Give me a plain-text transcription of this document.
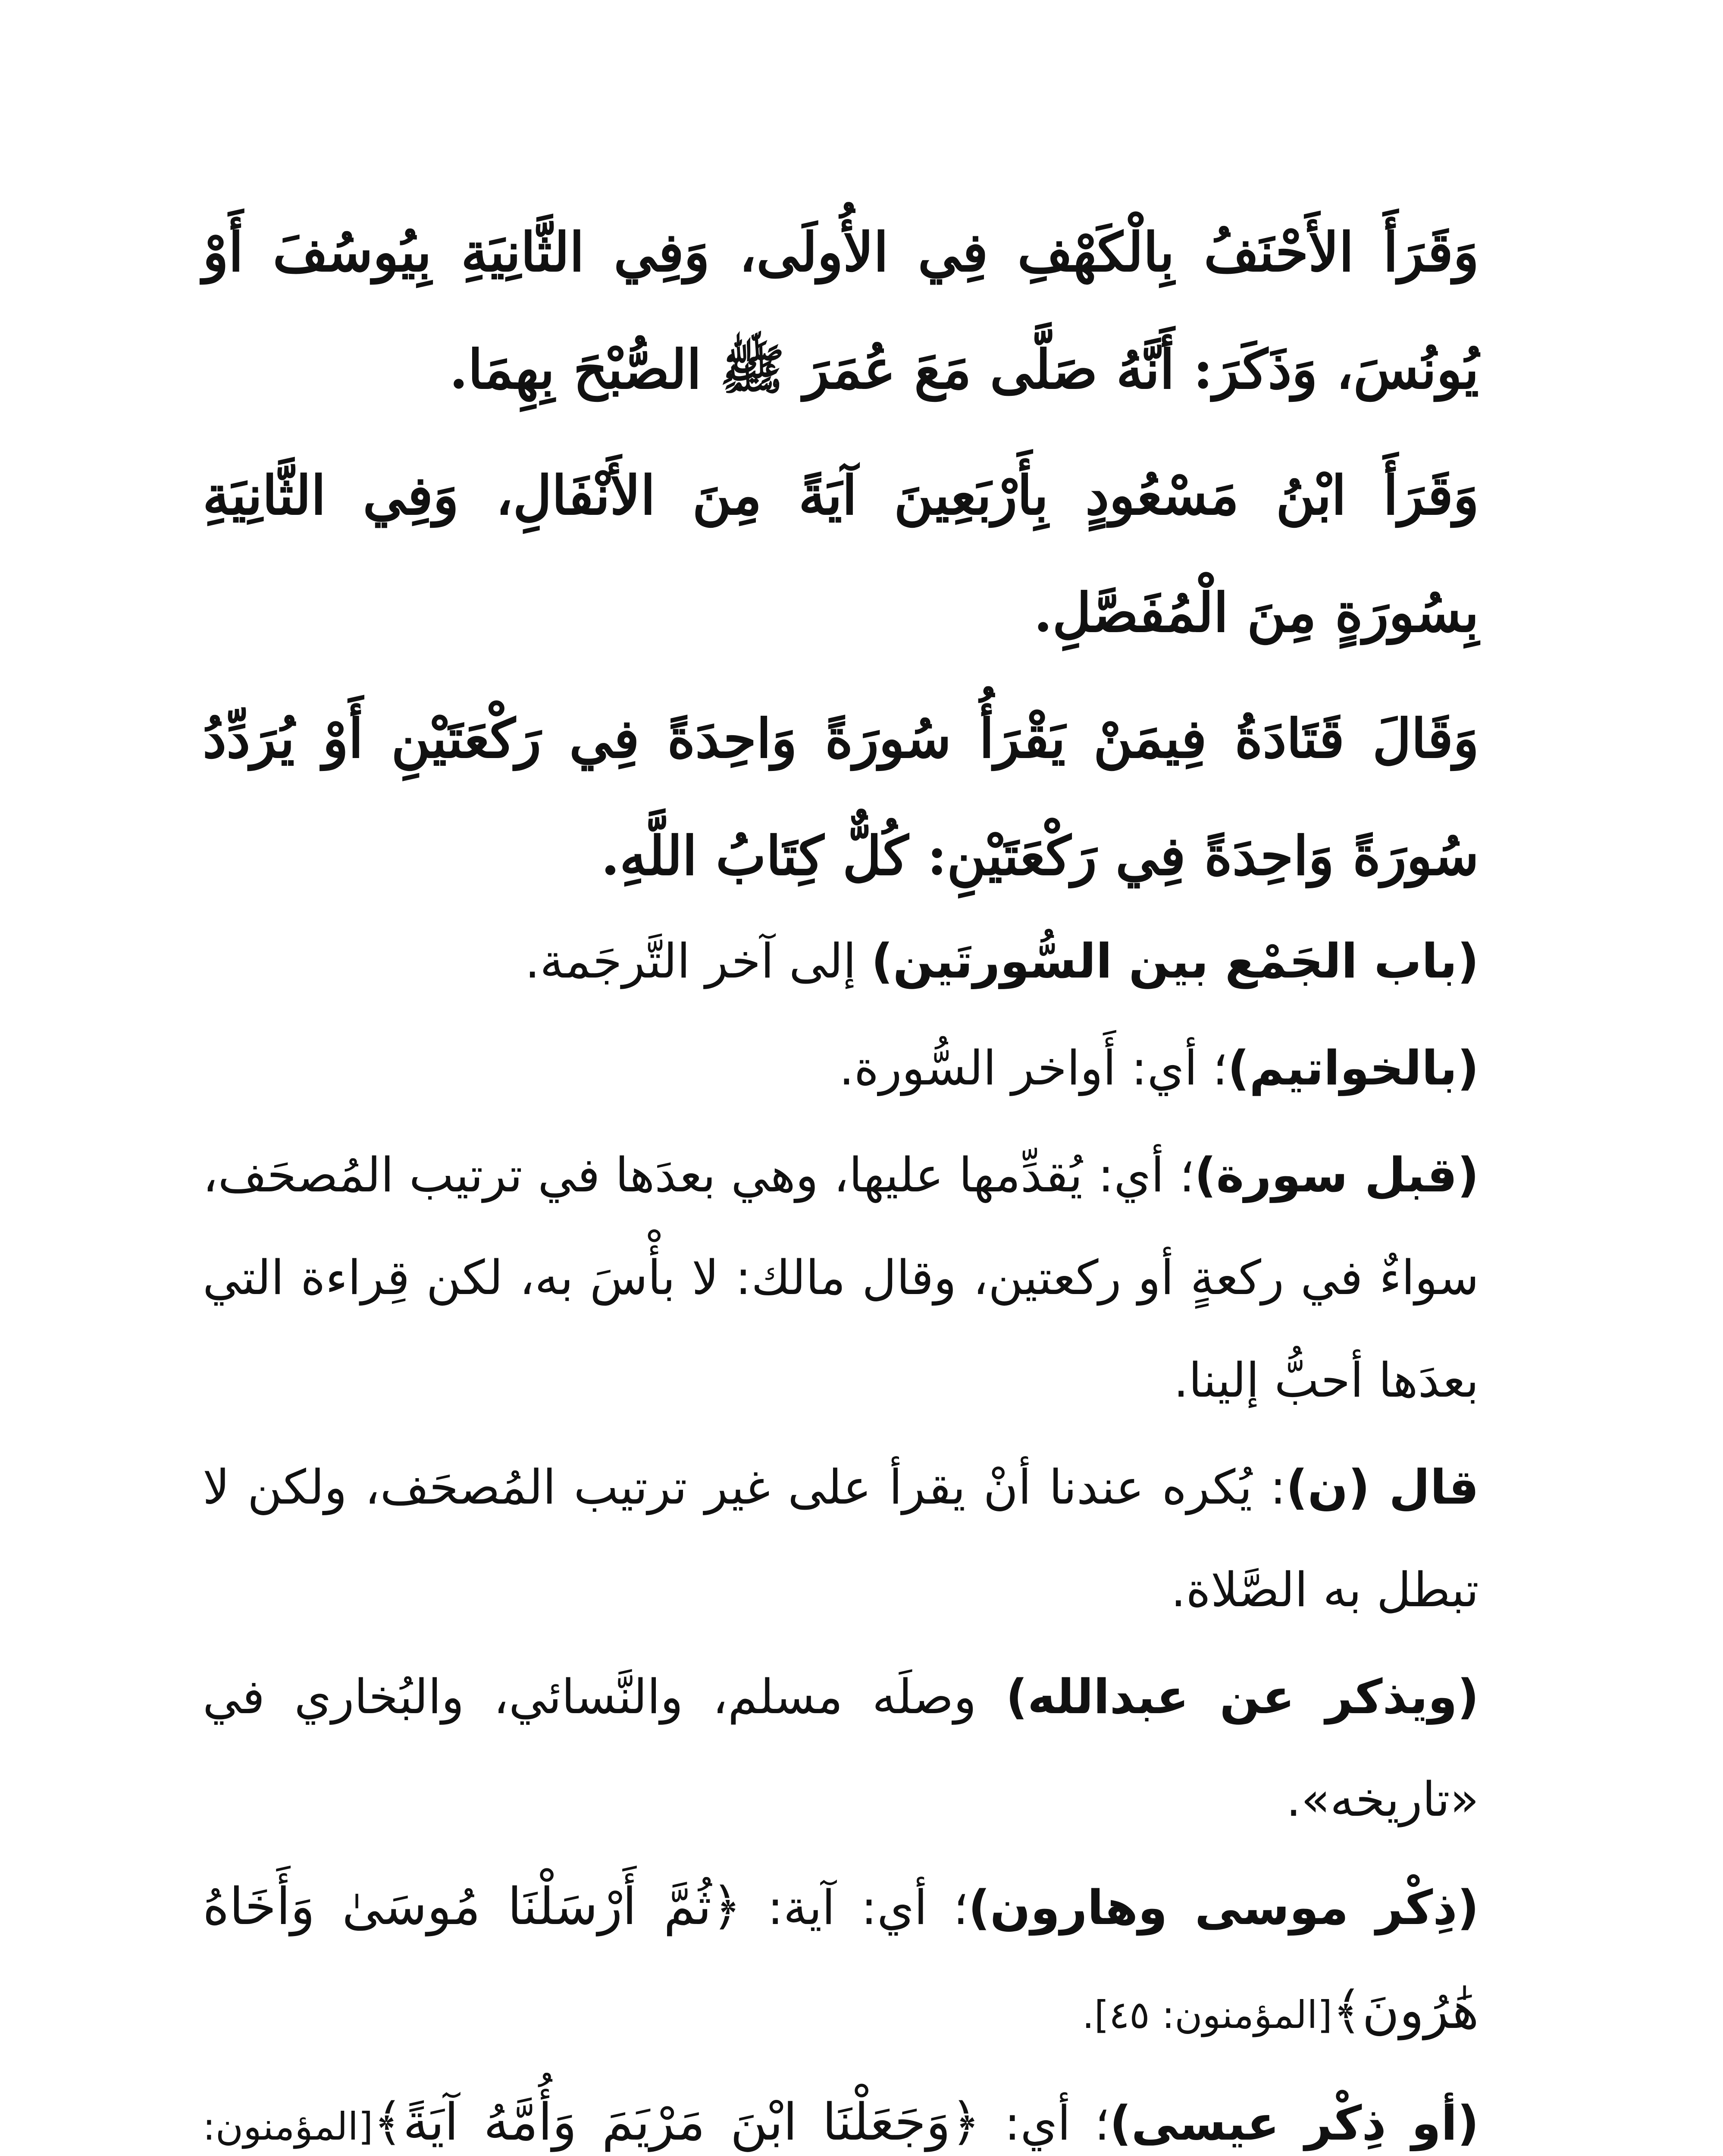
وَقَرَأَ الأَحْنَفُ بِالْكَهْفِ فِي الأُولَى، وَفِي الثَّانِيَةِ بِيُوسُفَ أَوْ يُونُسَ، وَذَكَرَ: أَنَّهُ صَلَّى مَعَ عُمَرَ ﷺ الصُّبْحَ بِهِمَا.
وَقَرَأَ ابْنُ مَسْعُودٍ بِأَرْبَعِينَ آيَةً مِنَ الأَنْفَالِ، وَفِي الثَّانِيَةِ بِسُورَةٍ مِنَ الْمُفَصَّلِ.
وَقَالَ قَتَادَةُ فِيمَنْ يَقْرَأُ سُورَةً وَاحِدَةً فِي رَكْعَتَيْنِ أَوْ يُرَدِّدُ سُورَةً وَاحِدَةً فِي رَكْعَتَيْنِ: كُلٌّ كِتَابُ اللَّهِ.
(باب الجَمْع بين السُّورتَين) إلى آخر التَّرجَمة.
(بالخواتيم)؛ أي: أَواخر السُّورة.
(قبل سورة)؛ أي: يُقدِّمها عليها، وهي بعدَها في ترتيب المُصحَف، سواءٌ في ركعةٍ أو ركعتين، وقال مالك: لا بأْسَ به، لكن قِراءة التي بعدَها أحبُّ إلينا.
قال (ن): يُكره عندنا أنْ يقرأ على غير ترتيب المُصحَف، ولكن لا تبطل به الصَّلاة.
(ويذكر عن عبدالله) وصلَه مسلم، والنَّسائي، والبُخاري في «تاريخه».
(ذِكْر موسى وهارون)؛ أي: آية: ﴿ثُمَّ أَرْسَلْنَا مُوسَىٰ وَأَخَاهُ هَٰرُونَ﴾[المؤمنون: ٤٥].
(أو ذِكْر عيسى)؛ أي: ﴿وَجَعَلْنَا ابْنَ مَرْيَمَ وَأُمَّهُ آيَةً﴾[المؤمنون:
